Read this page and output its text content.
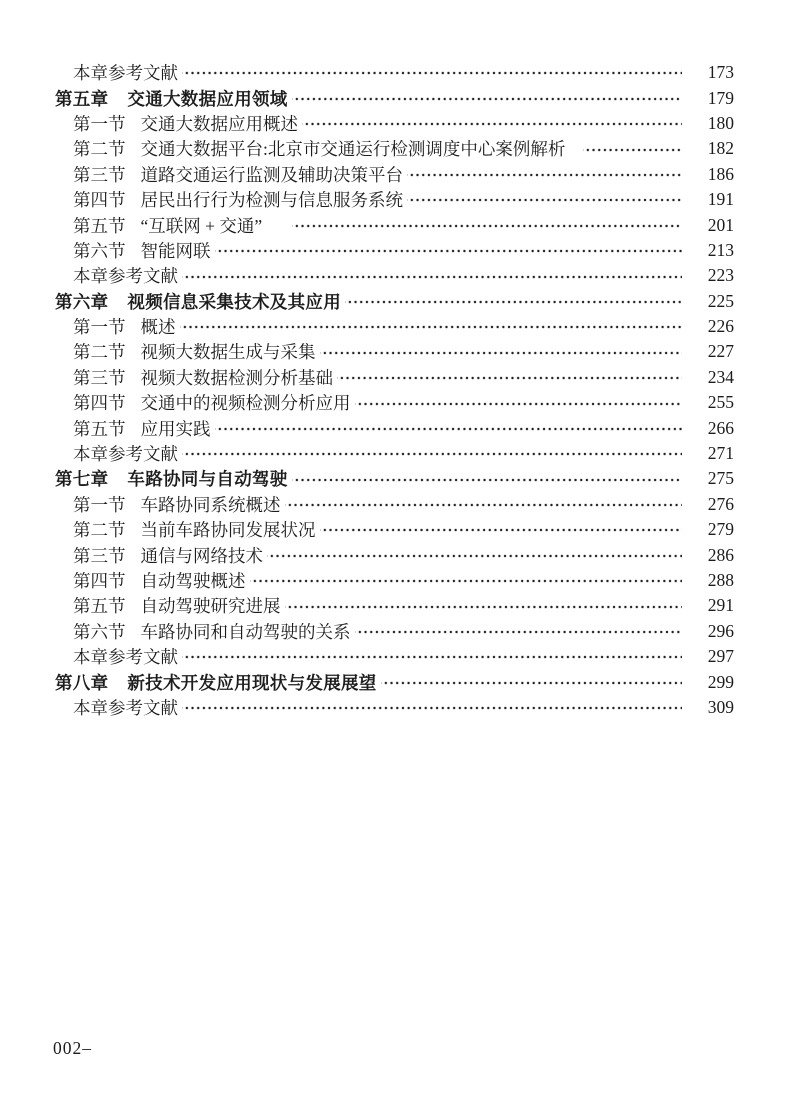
本章参考文献	173
第五章 交通大数据应用领域	179
第一节 交通大数据应用概述	180
第二节 交通大数据平台:北京市交通运行检测调度中心案例解析	182
第三节 道路交通运行监测及辅助决策平台	186
第四节 居民出行行为检测与信息服务系统	191
第五节 “互联网 + 交通”	201
第六节 智能网联	213
本章参考文献	223
第六章 视频信息采集技术及其应用	225
第一节 概述	226
第二节 视频大数据生成与采集	227
第三节 视频大数据检测分析基础	234
第四节 交通中的视频检测分析应用	255
第五节 应用实践	266
本章参考文献	271
第七章 车路协同与自动驾驶	275
第一节 车路协同系统概述	276
第二节 当前车路协同发展状况	279
第三节 通信与网络技术	286
第四节 自动驾驶概述	288
第五节 自动驾驶研究进展	291
第六节 车路协同和自动驾驶的关系	296
本章参考文献	297
第八章 新技术开发应用现状与发展展望	299
本章参考文献	309
002–
